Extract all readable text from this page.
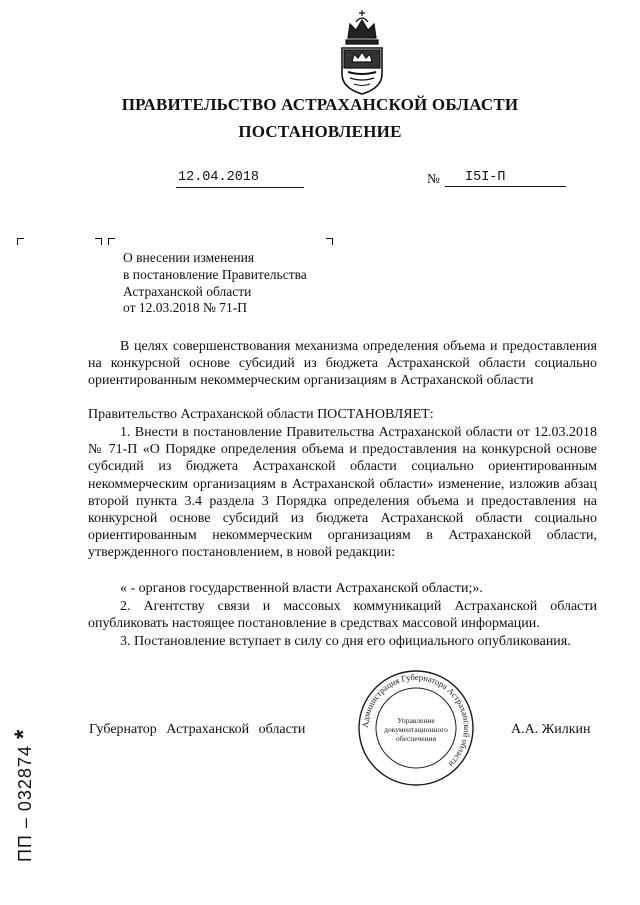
ПРАВИТЕЛЬСТВО АСТРАХАНСКОЙ ОБЛАСТИ
ПОСТАНОВЛЕНИЕ
12.04.2018	№	I5I-П
О внесении изменения
в постановление Правительства
Астраханской области
от 12.03.2018 № 71-П
В целях совершенствования механизма определения объема и предоставления на конкурсной основе субсидий из бюджета Астраханской области социально ориентированным некоммерческим организациям в Астраханской области
Правительство Астраханской области ПОСТАНОВЛЯЕТ:
1. Внести в постановление Правительства Астраханской области от 12.03.2018 № 71-П «О Порядке определения объема и предоставления на конкурсной основе субсидий из бюджета Астраханской области социально ориентированным некоммерческим организациям в Астраханской области» изменение, изложив абзац второй пункта 3.4 раздела 3 Порядка определения объема и предоставления на конкурсной основе субсидий из бюджета Астраханской области социально ориентированным некоммерческим организациям в Астраханской области, утвержденного постановлением, в новой редакции:
« - органов государственной власти Астраханской области;».
2. Агентству связи и массовых коммуникаций Астраханской области опубликовать настоящее постановление в средствах массовой информации.
3. Постановление вступает в силу со дня его официального опубликования.
Губернатор Астраханской области	А.А. Жилкин
Администрация Губернатора Астраханской области
Управление
документационного
обеспечения
ПП – 032874 *
